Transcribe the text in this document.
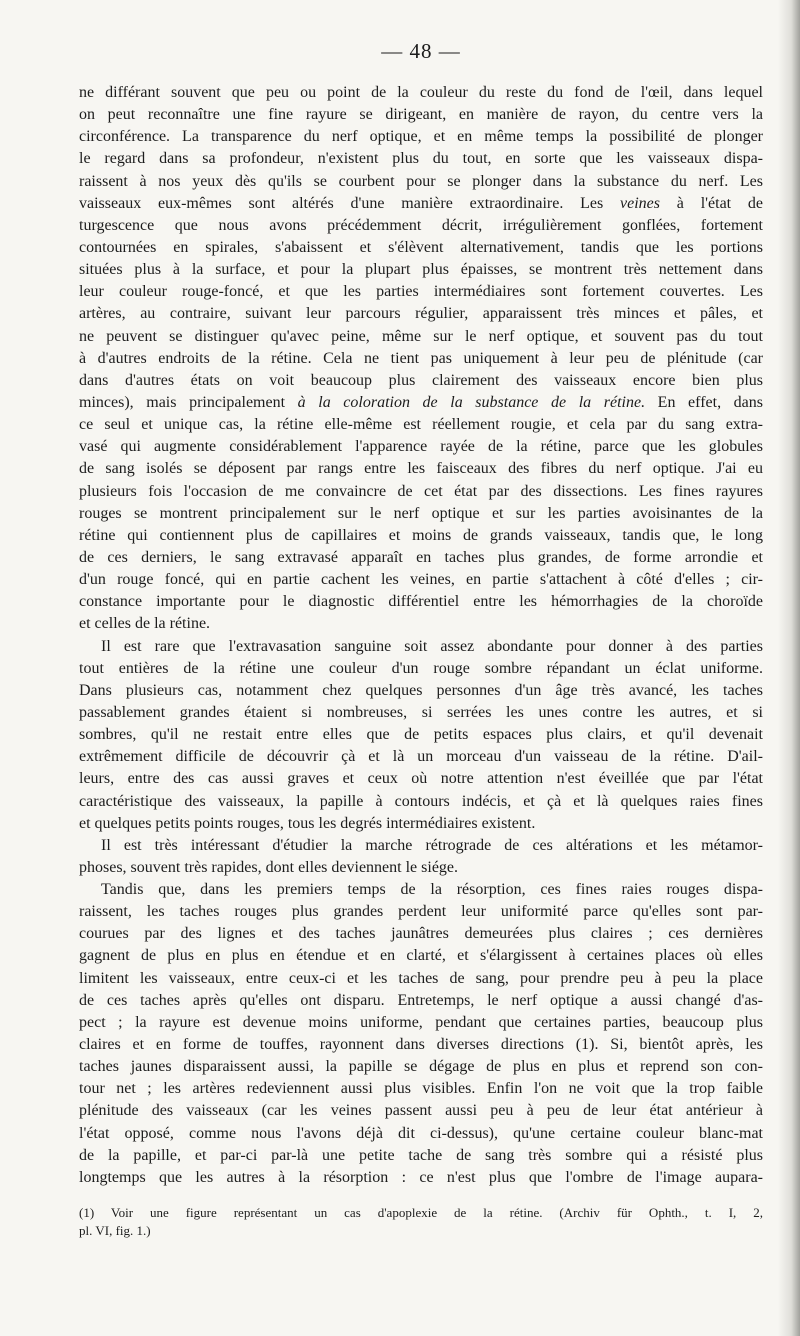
— 48 —
ne différant souvent que peu ou point de la couleur du reste du fond de l'œil, dans lequel
on peut reconnaître une fine rayure se dirigeant, en manière de rayon, du centre vers la
circonférence. La transparence du nerf optique, et en même temps la possibilité de plonger
le regard dans sa profondeur, n'existent plus du tout, en sorte que les vaisseaux dispa-
raissent à nos yeux dès qu'ils se courbent pour se plonger dans la substance du nerf. Les
vaisseaux eux-mêmes sont altérés d'une manière extraordinaire. Les veines à l'état de
turgescence que nous avons précédemment décrit, irrégulièrement gonflées, fortement
contournées en spirales, s'abaissent et s'élèvent alternativement, tandis que les portions
situées plus à la surface, et pour la plupart plus épaisses, se montrent très nettement dans
leur couleur rouge-foncé, et que les parties intermédiaires sont fortement couvertes. Les
artères, au contraire, suivant leur parcours régulier, apparaissent très minces et pâles, et
ne peuvent se distinguer qu'avec peine, même sur le nerf optique, et souvent pas du tout
à d'autres endroits de la rétine. Cela ne tient pas uniquement à leur peu de plénitude (car
dans d'autres états on voit beaucoup plus clairement des vaisseaux encore bien plus
minces), mais principalement à la coloration de la substance de la rétine. En effet, dans
ce seul et unique cas, la rétine elle-même est réellement rougie, et cela par du sang extra-
vasé qui augmente considérablement l'apparence rayée de la rétine, parce que les globules
de sang isolés se déposent par rangs entre les faisceaux des fibres du nerf optique. J'ai eu
plusieurs fois l'occasion de me convaincre de cet état par des dissections. Les fines rayures
rouges se montrent principalement sur le nerf optique et sur les parties avoisinantes de la
rétine qui contiennent plus de capillaires et moins de grands vaisseaux, tandis que, le long
de ces derniers, le sang extravasé apparaît en taches plus grandes, de forme arrondie et
d'un rouge foncé, qui en partie cachent les veines, en partie s'attachent à côté d'elles ; cir-
constance importante pour le diagnostic différentiel entre les hémorrhagies de la choroïde
et celles de la rétine.
Il est rare que l'extravasation sanguine soit assez abondante pour donner à des parties
tout entières de la rétine une couleur d'un rouge sombre répandant un éclat uniforme.
Dans plusieurs cas, notamment chez quelques personnes d'un âge très avancé, les taches
passablement grandes étaient si nombreuses, si serrées les unes contre les autres, et si
sombres, qu'il ne restait entre elles que de petits espaces plus clairs, et qu'il devenait
extrêmement difficile de découvrir çà et là un morceau d'un vaisseau de la rétine. D'ail-
leurs, entre des cas aussi graves et ceux où notre attention n'est éveillée que par l'état
caractéristique des vaisseaux, la papille à contours indécis, et çà et là quelques raies fines
et quelques petits points rouges, tous les degrés intermédiaires existent.
Il est très intéressant d'étudier la marche rétrograde de ces altérations et les métamor-
phoses, souvent très rapides, dont elles deviennent le siége.
Tandis que, dans les premiers temps de la résorption, ces fines raies rouges dispa-
raissent, les taches rouges plus grandes perdent leur uniformité parce qu'elles sont par-
courues par des lignes et des taches jaunâtres demeurées plus claires ; ces dernières
gagnent de plus en plus en étendue et en clarté, et s'élargissent à certaines places où elles
limitent les vaisseaux, entre ceux-ci et les taches de sang, pour prendre peu à peu la place
de ces taches après qu'elles ont disparu. Entretemps, le nerf optique a aussi changé d'as-
pect ; la rayure est devenue moins uniforme, pendant que certaines parties, beaucoup plus
claires et en forme de touffes, rayonnent dans diverses directions (1). Si, bientôt après, les
taches jaunes disparaissent aussi, la papille se dégage de plus en plus et reprend son con-
tour net ; les artères redeviennent aussi plus visibles. Enfin l'on ne voit que la trop faible
plénitude des vaisseaux (car les veines passent aussi peu à peu de leur état antérieur à
l'état opposé, comme nous l'avons déjà dit ci-dessus), qu'une certaine couleur blanc-mat
de la papille, et par-ci par-là une petite tache de sang très sombre qui a résisté plus
longtemps que les autres à la résorption : ce n'est plus que l'ombre de l'image aupara-
(1) Voir une figure représentant un cas d'apoplexie de la rétine. (Archiv für Ophth., t. I, 2,
pl. VI, fig. 1.)
